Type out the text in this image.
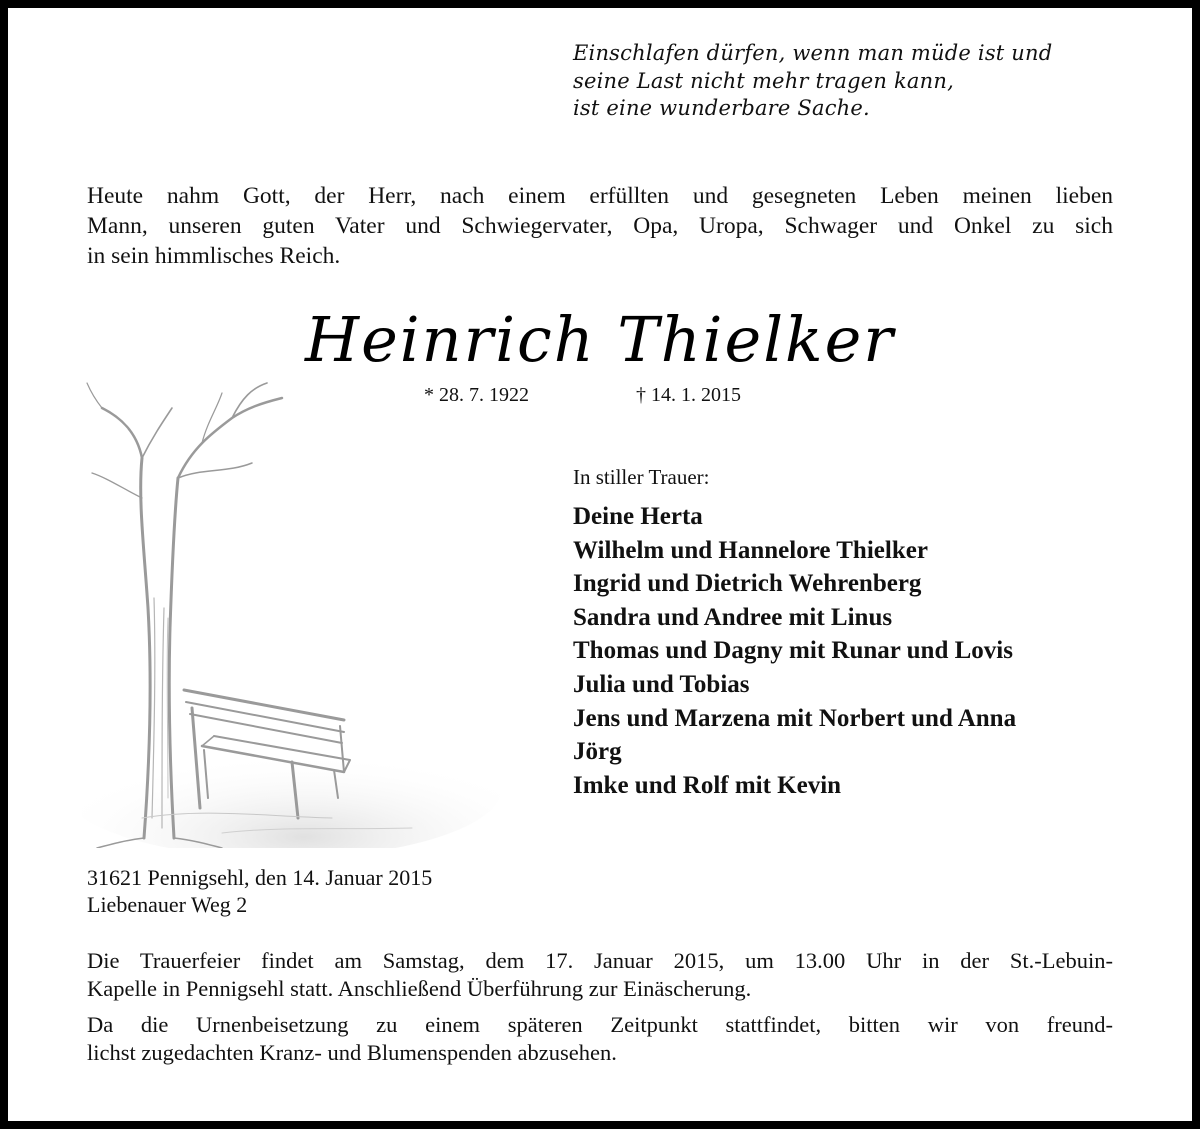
Einschlafen dürfen, wenn man müde ist und
seine Last nicht mehr tragen kann,
ist eine wunderbare Sache.
Heute nahm Gott, der Herr, nach einem erfüllten und gesegneten Leben meinen lieben
Mann, unseren guten Vater und Schwiegervater, Opa, Uropa, Schwager und Onkel zu sich
in sein himmlisches Reich.
Heinrich Thielker
* 28. 7. 1922	† 14. 1. 2015
In stiller Trauer:
Deine Herta
Wilhelm und Hannelore Thielker
Ingrid und Dietrich Wehrenberg
Sandra und Andree mit Linus
Thomas und Dagny mit Runar und Lovis
Julia und Tobias
Jens und Marzena mit Norbert und Anna
Jörg
Imke und Rolf mit Kevin
31621 Pennigsehl, den 14. Januar 2015
Liebenauer Weg 2
Die Trauerfeier findet am Samstag, dem 17. Januar 2015, um 13.00 Uhr in der St.-Lebuin-
Kapelle in Pennigsehl statt. Anschließend Überführung zur Einäscherung.
Da die Urnenbeisetzung zu einem späteren Zeitpunkt stattfindet, bitten wir von freund-
lichst zugedachten Kranz- und Blumenspenden abzusehen.
